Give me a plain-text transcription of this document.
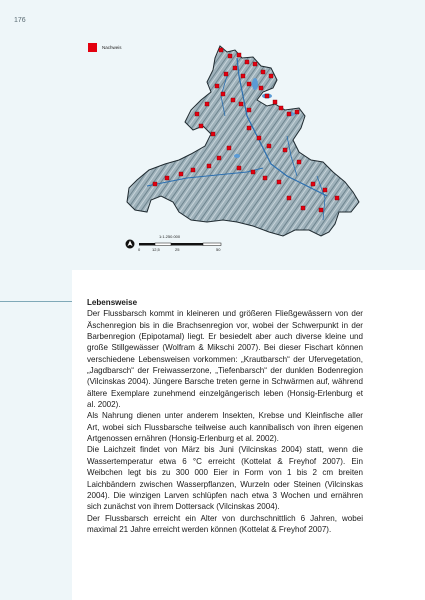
176
Nachweis
1:1.250.000
0	12,5	25	50
Lebensweise
Der Flussbarsch kommt in kleineren und größeren Fließgewässern von der Äschenregion bis in die Brachsenregion vor, wobei der Schwerpunkt in der Barbenregion (Epipotamal) liegt. Er besiedelt aber auch diverse kleine und große Stillgewässer (Wolfram & Mikschi 2007). Bei dieser Fischart können verschiedene Lebensweisen vorkommen: „Krautbarsch“ der Ufervegetation, „Jagdbarsch“ der Freiwasserzone, „Tiefenbarsch“ der dunklen Bodenregion (Vilcinskas 2004). Jüngere Barsche treten gerne in Schwärmen auf, während ältere Exemplare zunehmend einzelgängerisch leben (Honsig-Erlenburg et al. 2002).
Als Nahrung dienen unter anderem Insekten, Krebse und Kleinfische aller Art, wobei sich Flussbarsche teilweise auch kannibalisch von ihren eigenen Artgenossen ernähren (Honsig-Erlenburg et al. 2002).
Die Laichzeit findet von März bis Juni (Vilcinskas 2004) statt, wenn die Wassertemperatur etwa 6 °C erreicht (Kottelat & Freyhof 2007). Ein Weibchen legt bis zu 300 000 Eier in Form von 1 bis 2 cm breiten Laichbändern zwischen Wasserpflanzen, Wurzeln oder Steinen (Vilcinskas 2004). Die winzigen Larven schlüpfen nach etwa 3 Wochen und ernähren sich zunächst von ihrem Dottersack (Vilcinskas 2004).
Der Flussbarsch erreicht ein Alter von durchschnittlich 6 Jahren, wobei maximal 21 Jahre erreicht werden können (Kottelat & Freyhof 2007).
